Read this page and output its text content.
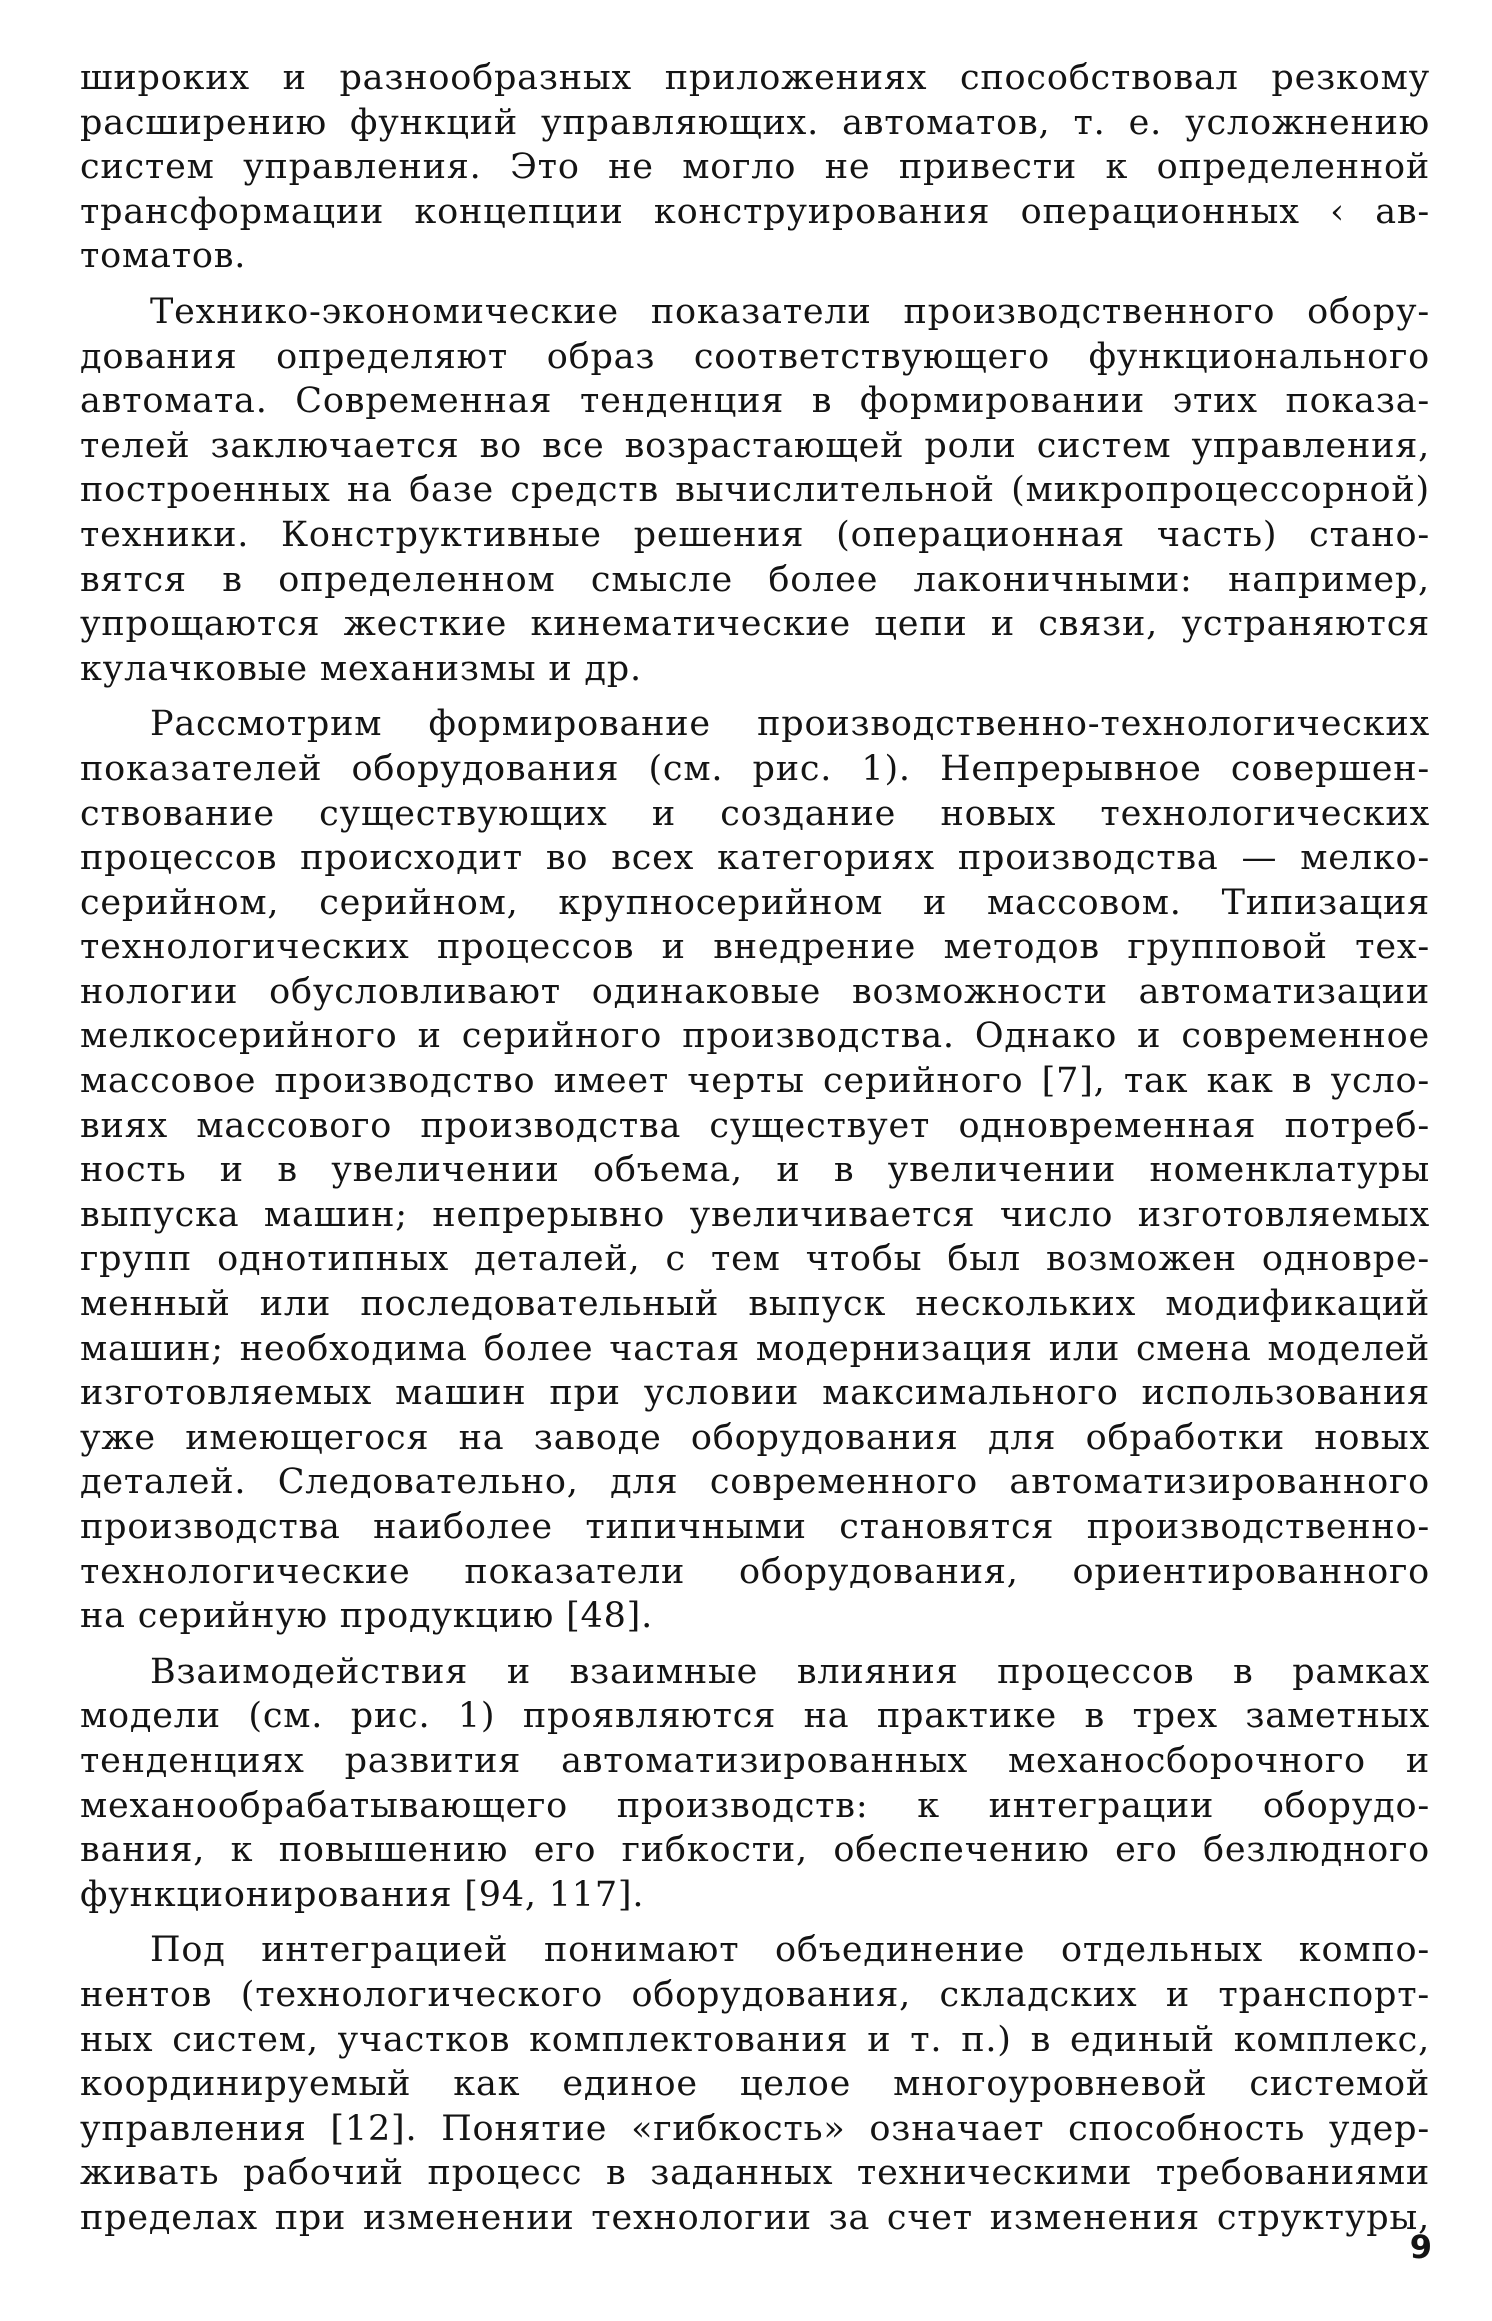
широких и разнообразных приложениях способствовал резкому
расширению функций управляющих. автоматов, т. е. усложнению
систем управления. Это не могло не привести к определенной
трансформации концепции конструирования операционных ‹ ав-
томатов.
Технико-экономические показатели производственного обору-
дования определяют образ соответствующего функционального
автомата. Современная тенденция в формировании этих показа-
телей заключается во все возрастающей роли систем управления,
построенных на базе средств вычислительной (микропроцессорной)
техники. Конструктивные решения (операционная часть) стано-
вятся в определенном смысле более лаконичными: например,
упрощаются жесткие кинематические цепи и связи, устраняются
кулачковые механизмы и др.
Рассмотрим формирование производственно-технологических
показателей оборудования (см. рис. 1). Непрерывное совершен-
ствование существующих и создание новых технологических
процессов происходит во всех категориях производства — мелко-
серийном, серийном, крупносерийном и массовом. Типизация
технологических процессов и внедрение методов групповой тех-
нологии обусловливают одинаковые возможности автоматизации
мелкосерийного и серийного производства. Однако и современное
массовое производство имеет черты серийного [7], так как в усло-
виях массового производства существует одновременная потреб-
ность и в увеличении объема, и в увеличении номенклатуры
выпуска машин; непрерывно увеличивается число изготовляемых
групп однотипных деталей, с тем чтобы был возможен одновре-
менный или последовательный выпуск нескольких модификаций
машин; необходима более частая модернизация или смена моделей
изготовляемых машин при условии максимального использования
уже имеющегося на заводе оборудования для обработки новых
деталей. Следовательно, для современного автоматизированного
производства наиболее типичными становятся производственно-
технологические показатели оборудования, ориентированного
на серийную продукцию [48].
Взаимодействия и взаимные влияния процессов в рамках
модели (см. рис. 1) проявляются на практике в трех заметных
тенденциях развития автоматизированных механосборочного и
механообрабатывающего производств: к интеграции оборудо-
вания, к повышению его гибкости, обеспечению его безлюдного
функционирования [94, 117].
Под интеграцией понимают объединение отдельных компо-
нентов (технологического оборудования, складских и транспорт-
ных систем, участков комплектования и т. п.) в единый комплекс,
координируемый как единое целое многоуровневой системой
управления [12]. Понятие «гибкость» означает способность удер-
живать рабочий процесс в заданных техническими требованиями
пределах при изменении технологии за счет изменения структуры,
9
